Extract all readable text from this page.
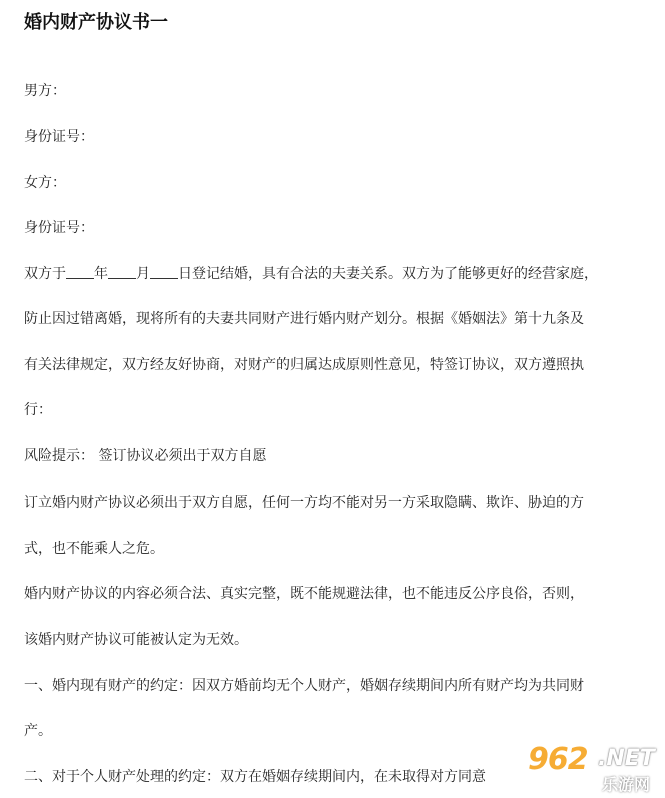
婚内财产协议书一
男方：
身份证号：
女方：
身份证号：
双方于 年 月 日登记结婚，具有合法的夫妻关系。双方为了能够更好的经营家庭，
防止因过错离婚，现将所有的夫妻共同财产进行婚内财产划分。根据《婚姻法》第十九条及
有关法律规定，双方经友好协商，对财产的归属达成原则性意见，特签订协议，双方遵照执
行：
风险提示： 签订协议必须出于双方自愿
订立婚内财产协议必须出于双方自愿，任何一方均不能对另一方采取隐瞒、欺诈、胁迫的方
式，也不能乘人之危。
婚内财产协议的内容必须合法、真实完整，既不能规避法律，也不能违反公序良俗，否则，
该婚内财产协议可能被认定为无效。
一、婚内现有财产的约定：因双方婚前均无个人财产，婚姻存续期间内所有财产均为共同财
产。
二、对于个人财产处理的约定：双方在婚姻存续期间内，在未取得对方同意 962 .NET
乐游网
